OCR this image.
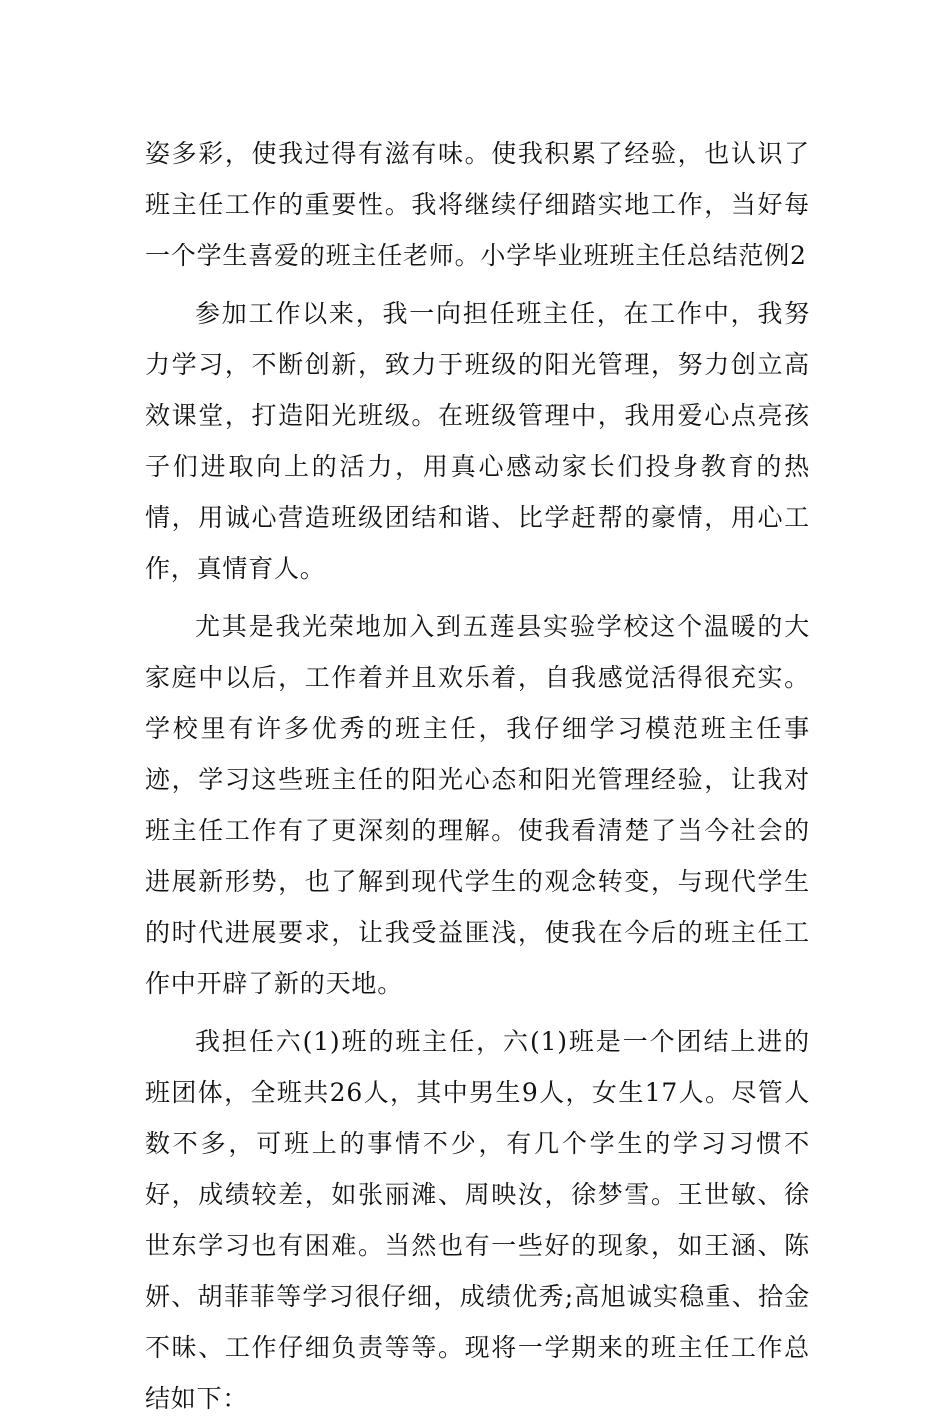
姿多彩，使我过得有滋有味。使我积累了经验，也认识了班主任工作的重要性。我将继续仔细踏实地工作，当好每一个学生喜爱的班主任老师。小学毕业班班主任总结范例2

参加工作以来，我一向担任班主任，在工作中，我努力学习，不断创新，致力于班级的阳光管理，努力创立高效课堂，打造阳光班级。在班级管理中，我用爱心点亮孩子们进取向上的活力，用真心感动家长们投身教育的热情，用诚心营造班级团结和谐、比学赶帮的豪情，用心工作，真情育人。

尤其是我光荣地加入到五莲县实验学校这个温暖的大家庭中以后，工作着并且欢乐着，自我感觉活得很充实。学校里有许多优秀的班主任，我仔细学习模范班主任事迹，学习这些班主任的阳光心态和阳光管理经验，让我对班主任工作有了更深刻的理解。使我看清楚了当今社会的进展新形势，也了解到现代学生的观念转变，与现代学生的时代进展要求，让我受益匪浅，使我在今后的班主任工作中开辟了新的天地。

我担任六(1)班的班主任，六(1)班是一个团结上进的班团体，全班共26人，其中男生9人，女生17人。尽管人数不多，可班上的事情不少，有几个学生的学习习惯不好，成绩较差，如张丽滩、周映汝，徐梦雪。王世敏、徐世东学习也有困难。当然也有一些好的现象，如王涵、陈妍、胡菲菲等学习很仔细，成绩优秀;高旭诚实稳重、拾金不昧、工作仔细负责等等。现将一学期来的班主任工作总结如下：
